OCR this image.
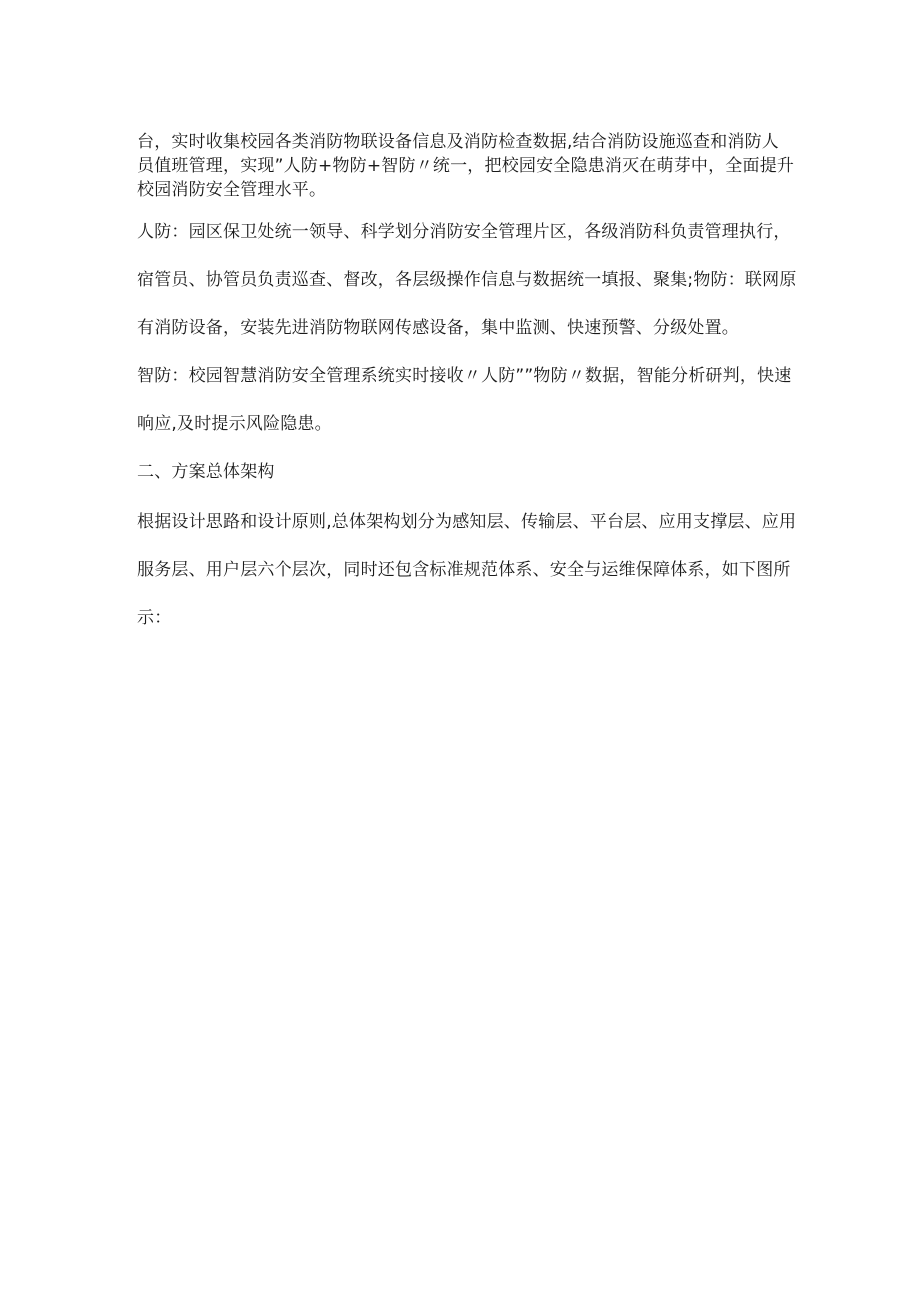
台，实时收集校园各类消防物联设备信息及消防检查数据,结合消防设施巡查和消防人
员值班管理，实现”人防+物防+智防〃统一，把校园安全隐患消灭在萌芽中，全面提升
校园消防安全管理水平。
人防：园区保卫处统一领导、科学划分消防安全管理片区，各级消防科负责管理执行，
宿管员、协管员负责巡查、督改，各层级操作信息与数据统一填报、聚集;物防：联网原
有消防设备，安装先进消防物联网传感设备，集中监测、快速预警、分级处置。
智防：校园智慧消防安全管理系统实时接收〃人防””物防〃数据，智能分析研判，快速
响应,及时提示风险隐患。
二、方案总体架构
根据设计思路和设计原则,总体架构划分为感知层、传输层、平台层、应用支撑层、应用
服务层、用户层六个层次，同时还包含标准规范体系、安全与运维保障体系，如下图所
示：
